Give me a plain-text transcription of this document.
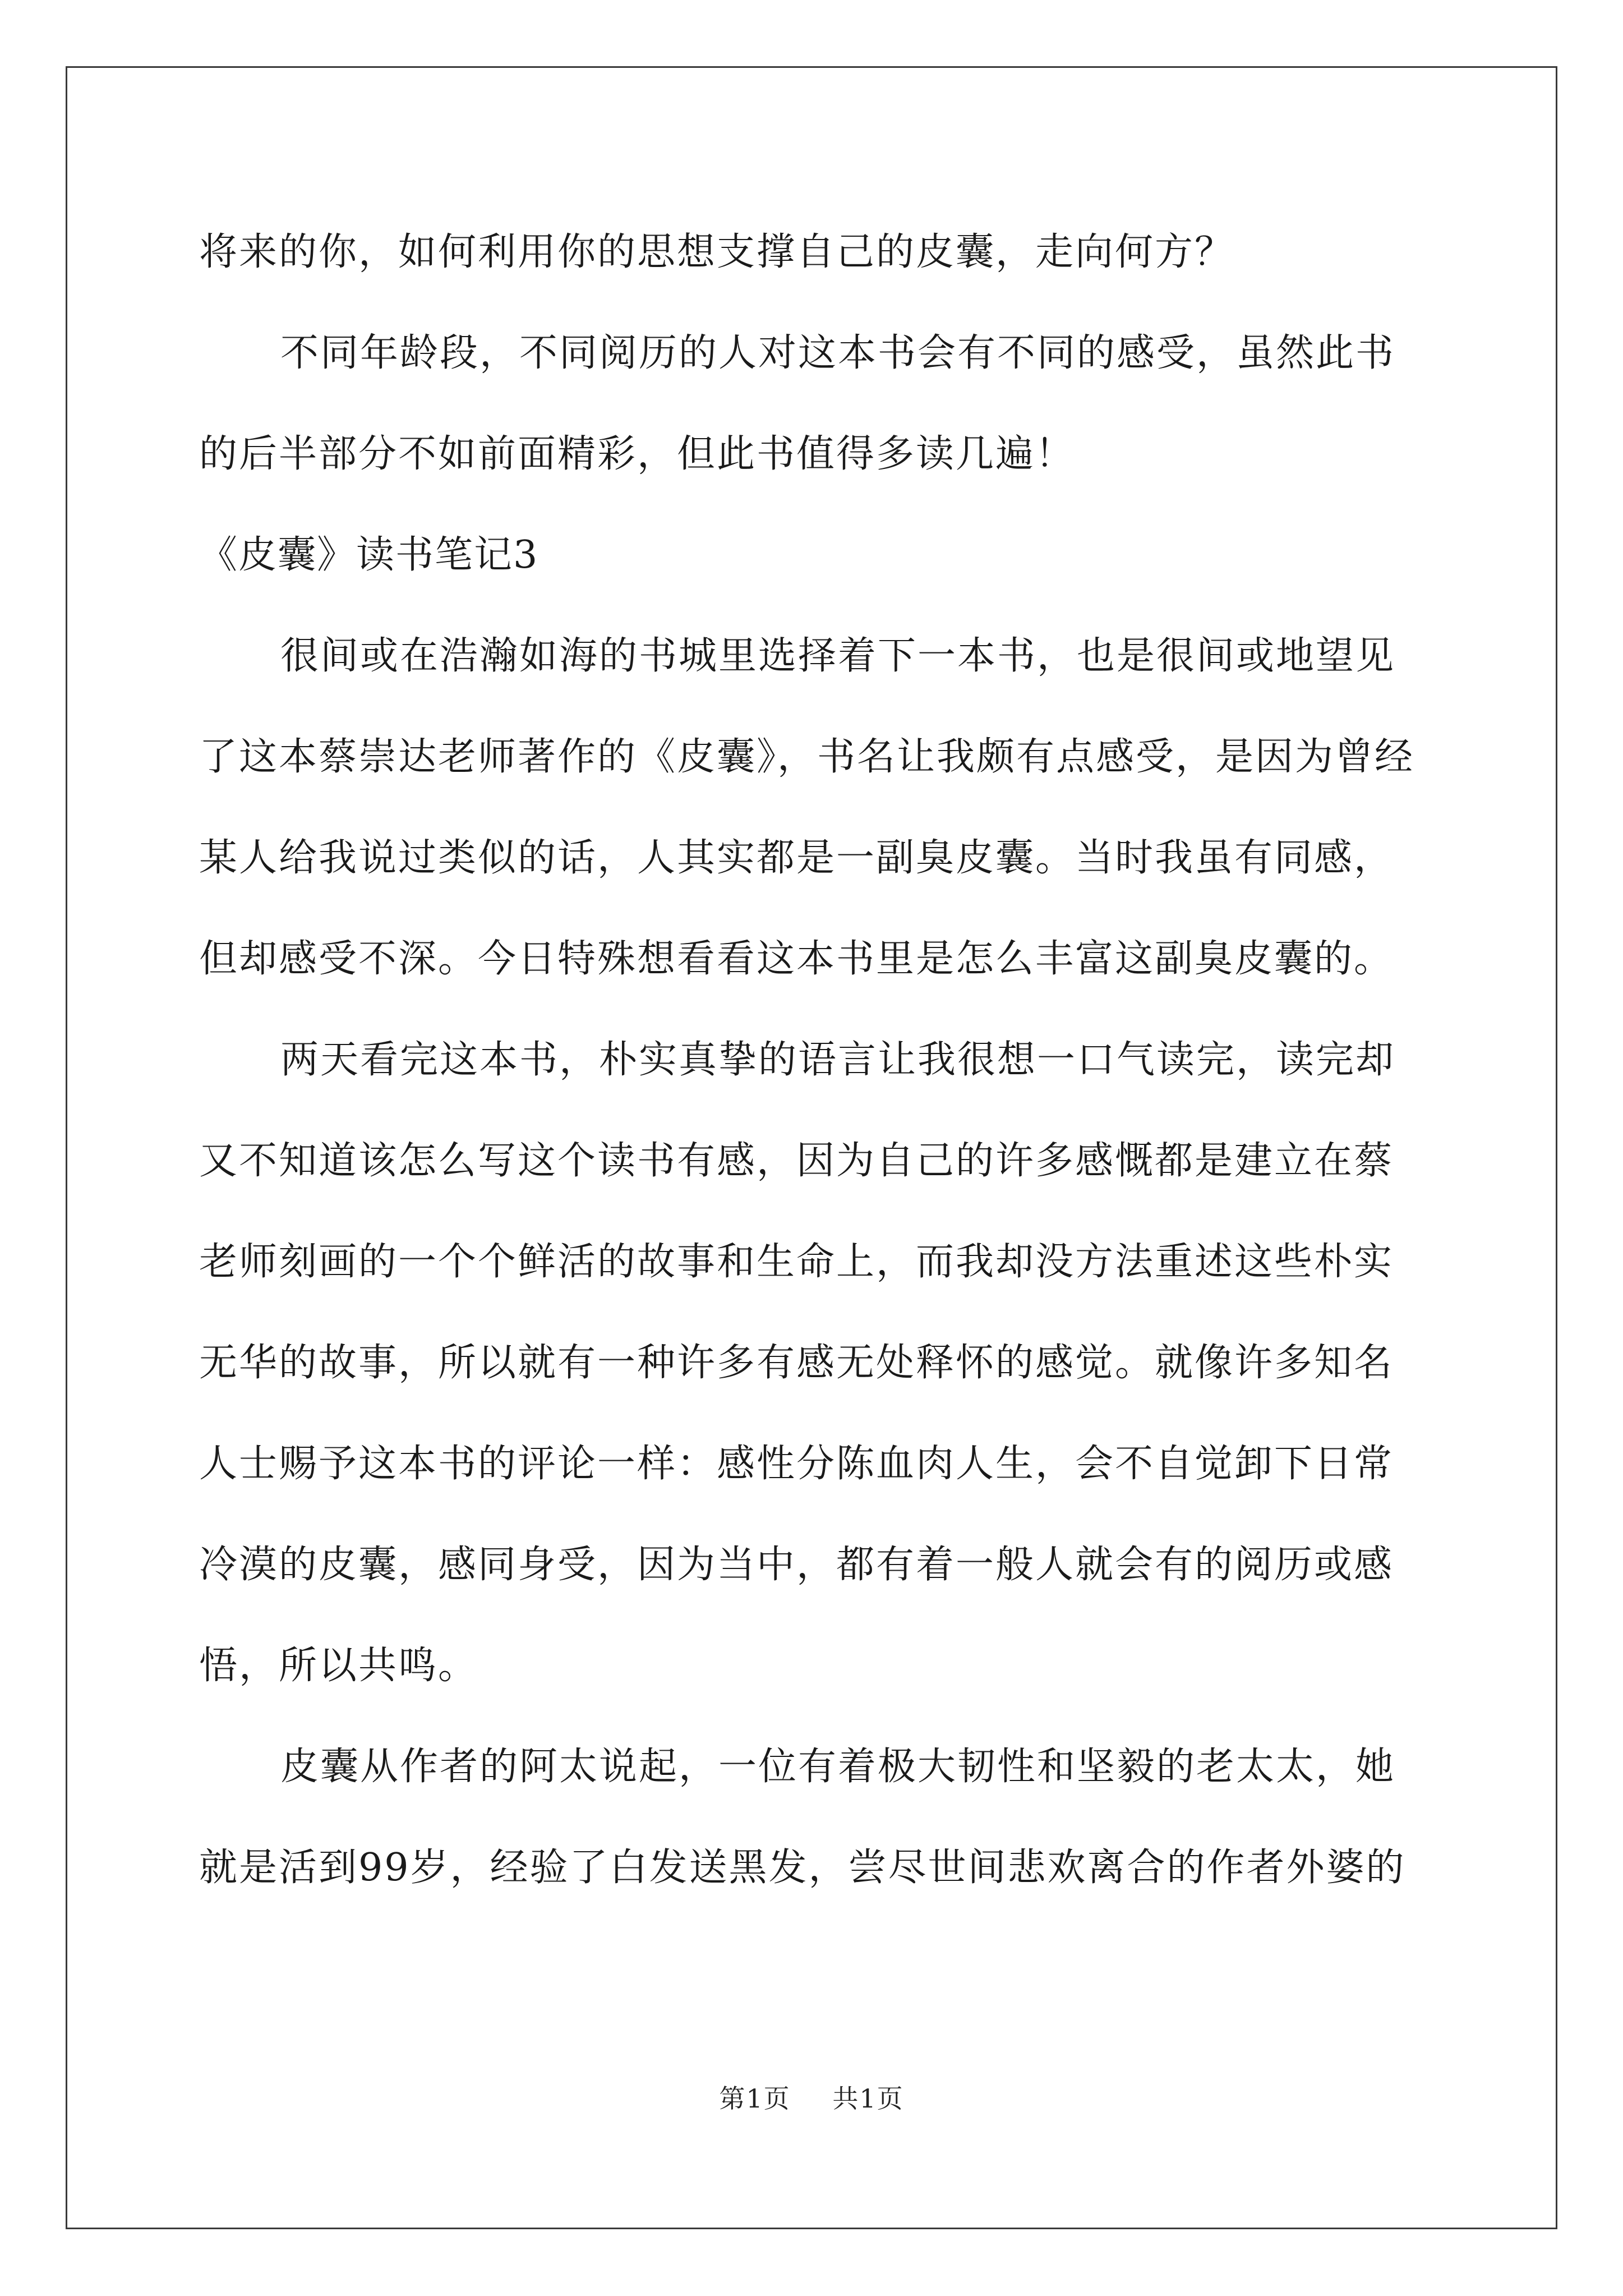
将来的你，如何利用你的思想支撑自己的皮囊，走向何方？
不同年龄段，不同阅历的人对这本书会有不同的感受，虽然此书
的后半部分不如前面精彩，但此书值得多读几遍！
《皮囊》读书笔记3
很间或在浩瀚如海的书城里选择着下一本书，也是很间或地望见
了这本蔡崇达老师著作的《皮囊》，书名让我颇有点感受，是因为曾经
某人给我说过类似的话，人其实都是一副臭皮囊。当时我虽有同感，
但却感受不深。今日特殊想看看这本书里是怎么丰富这副臭皮囊的。
两天看完这本书，朴实真挚的语言让我很想一口气读完，读完却
又不知道该怎么写这个读书有感，因为自己的许多感慨都是建立在蔡
老师刻画的一个个鲜活的故事和生命上，而我却没方法重述这些朴实
无华的故事，所以就有一种许多有感无处释怀的感觉。就像许多知名
人士赐予这本书的评论一样：感性分陈血肉人生，会不自觉卸下日常
冷漠的皮囊，感同身受，因为当中，都有着一般人就会有的阅历或感
悟，所以共鸣。
皮囊从作者的阿太说起，一位有着极大韧性和坚毅的老太太，她
就是活到99岁，经验了白发送黑发，尝尽世间悲欢离合的作者外婆的
第1页 共1页
